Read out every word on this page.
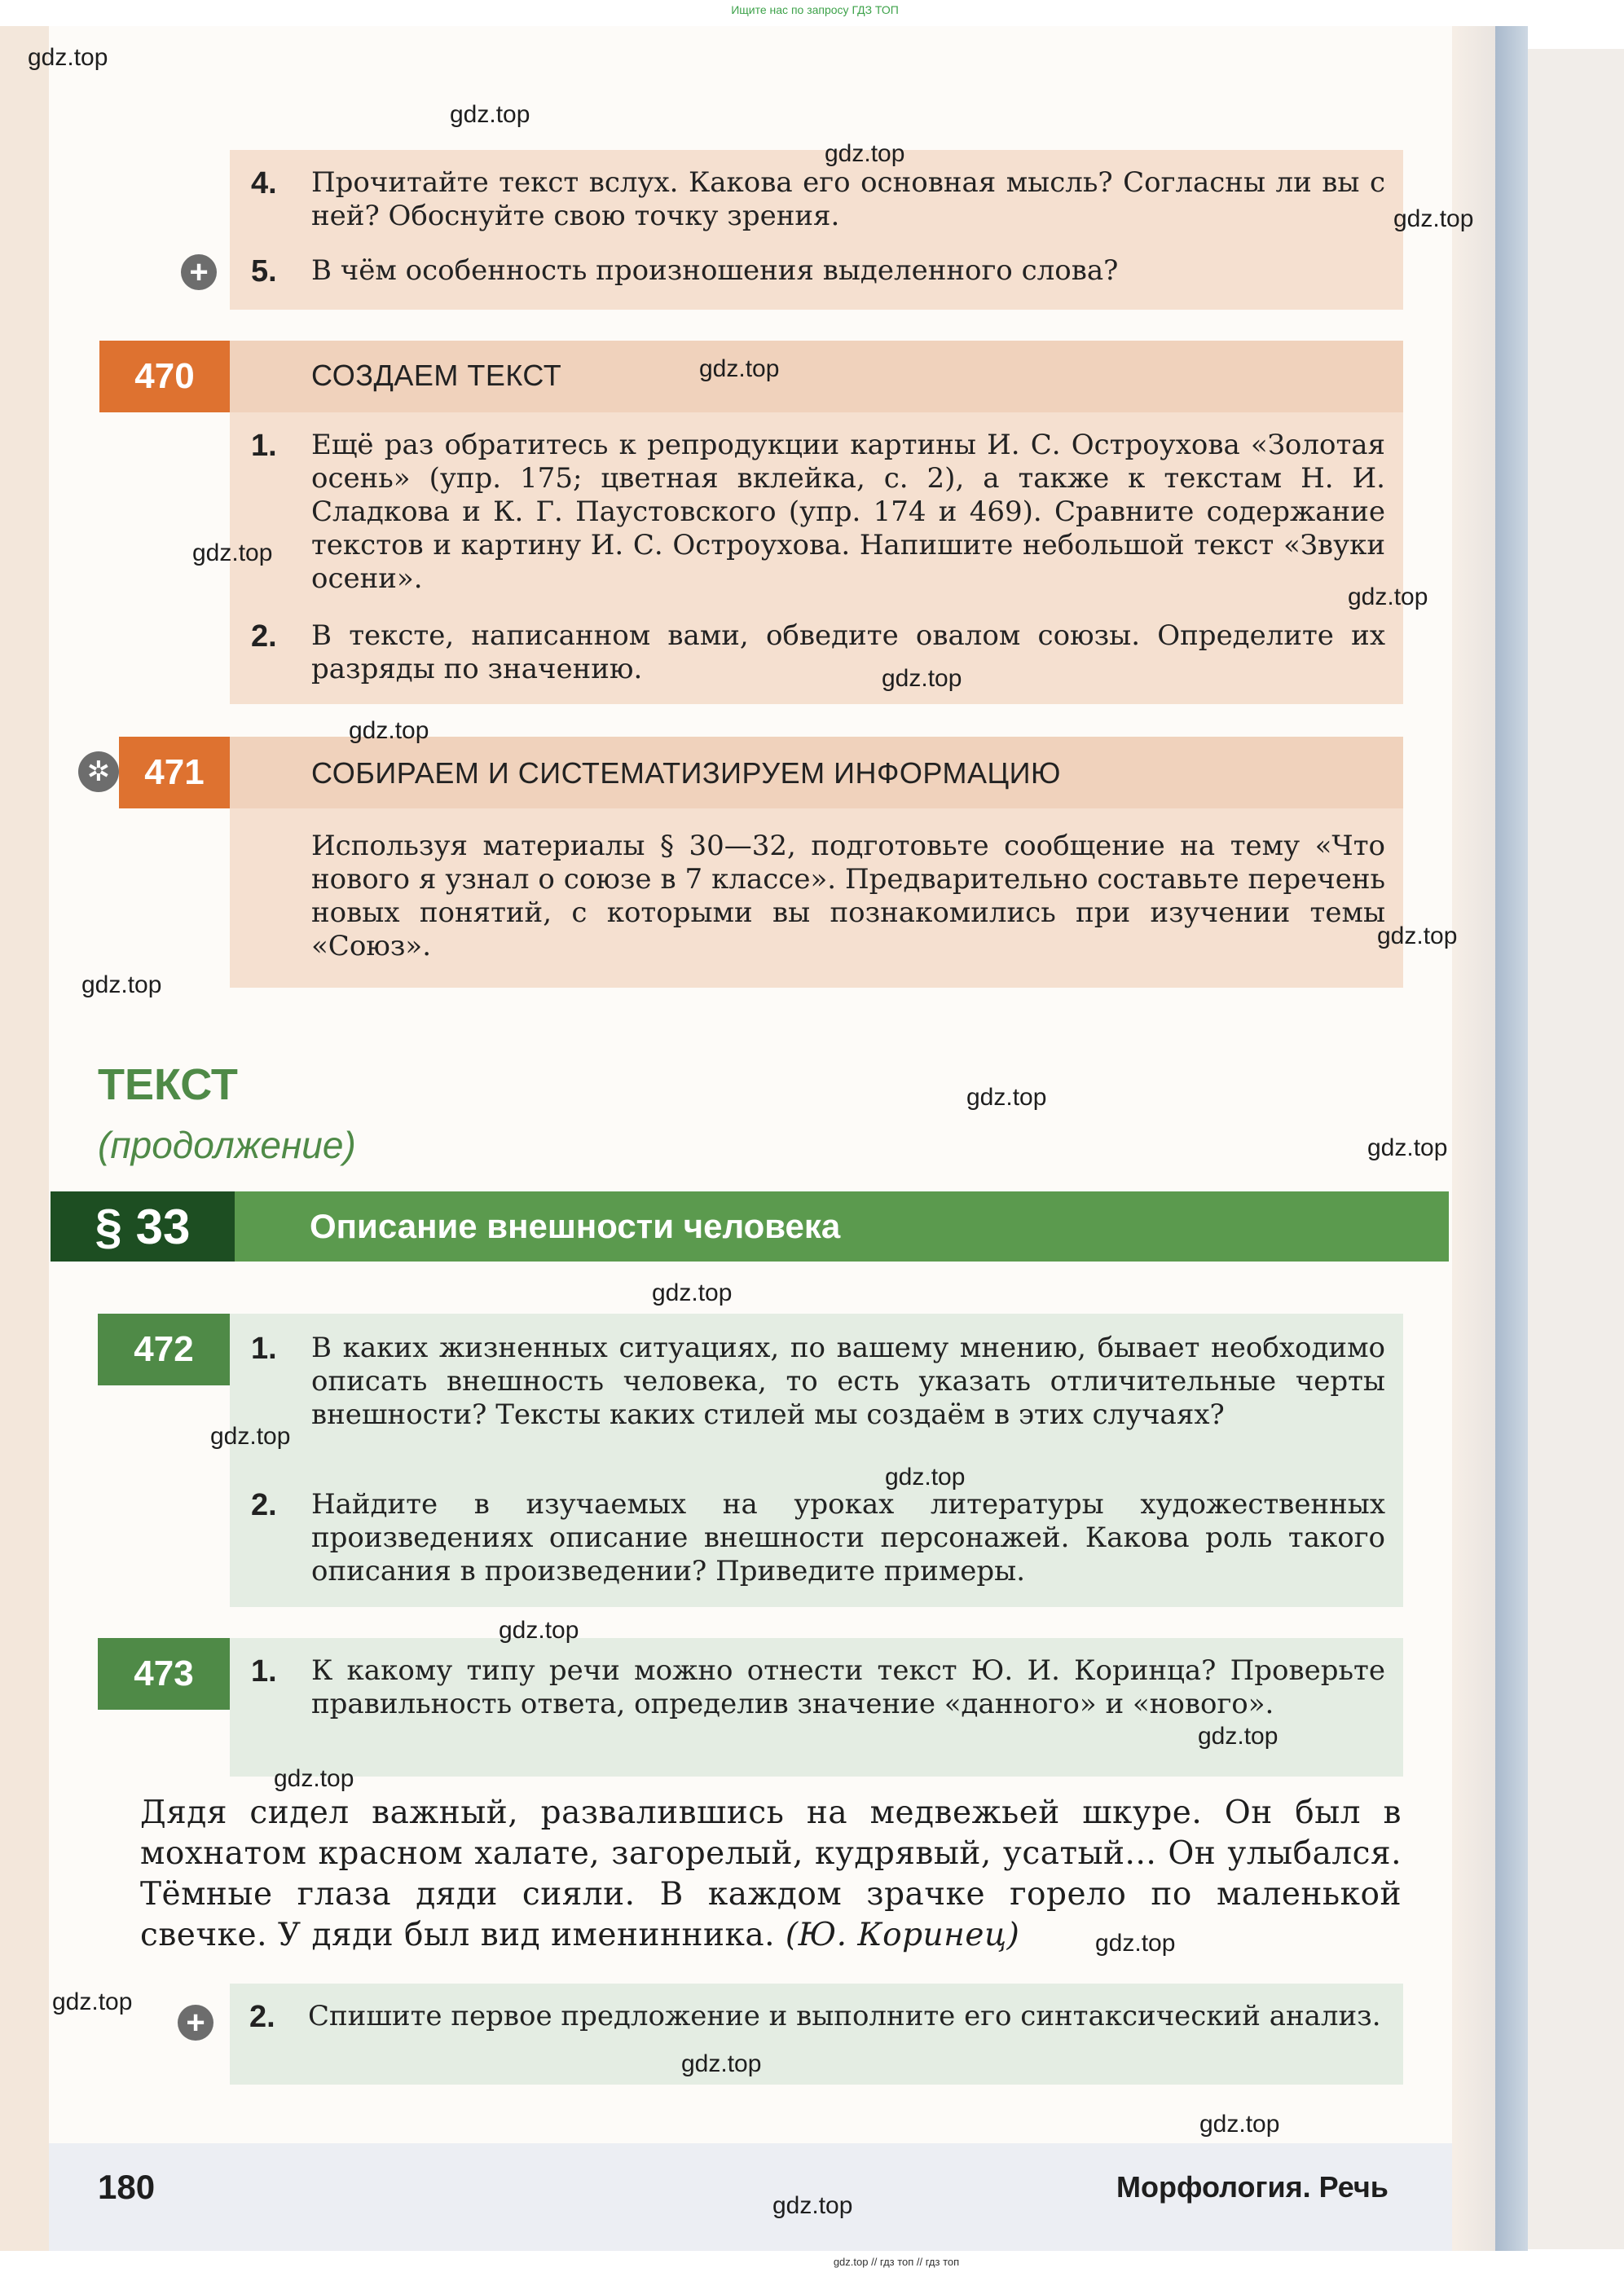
Ищите нас по запросу ГДЗ ТОП
4. Прочитайте текст вслух. Какова его основная мысль? Согласны ли вы с ней? Обоснуйте свою точку зрения.
+ 5. В чём особенность произношения выделенного слова?
470	СОЗДАЕМ ТЕКСТ
1. Ещё раз обратитесь к репродукции картины И. С. Остроухова «Золотая осень» (упр. 175; цветная вклейка, с. 2), а также к текстам Н. И. Сладкова и К. Г. Паустовского (упр. 174 и 469). Сравните содержание текстов и картину И. С. Остроухова. Напишите небольшой текст «Звуки осени».
2. В тексте, написанном вами, обведите овалом союзы. Определите их разряды по значению.
✲ 471	СОБИРАЕМ И СИСТЕМАТИЗИРУЕМ ИНФОРМАЦИЮ
Используя материалы § 30—32, подготовьте сообщение на тему «Что нового я узнал о союзе в 7 классе». Предварительно составьте перечень новых понятий, с которыми вы познакомились при изучении темы «Союз».
ТЕКСТ
(продолжение)
§ 33	Описание внешности человека
472	1. В каких жизненных ситуациях, по вашему мнению, бывает необходимо описать внешность человека, то есть указать отличительные черты внешности? Тексты каких стилей мы создаём в этих случаях?
2. Найдите в изучаемых на уроках литературы художественных произведениях описание внешности персонажей. Какова роль такого описания в произведении? Приведите примеры.
473	1. К какому типу речи можно отнести текст Ю. И. Коринца? Проверьте правильность ответа, определив значение «данного» и «нового».
Дядя сидел важный, развалившись на медвежьей шкуре. Он был в мохнатом красном халате, загорелый, кудрявый, усатый... Он улыбался. Тёмные глаза дяди сияли. В каждом зрачке горело по маленькой свечке. У дяди был вид именинника. (Ю. Коринец)
+ 2. Спишите первое предложение и выполните его синтаксический анализ.
180	Морфология. Речь
gdz.top
gdz.top
gdz.top
gdz.top
gdz.top
gdz.top
gdz.top
gdz.top
gdz.top
gdz.top
gdz.top
gdz.top
gdz.top
gdz.top
gdz.top
gdz.top
gdz.top
gdz.top
gdz.top
gdz.top
gdz.top
gdz.top
gdz.top
gdz.top
gdz.top // гдз топ // гдз топ
